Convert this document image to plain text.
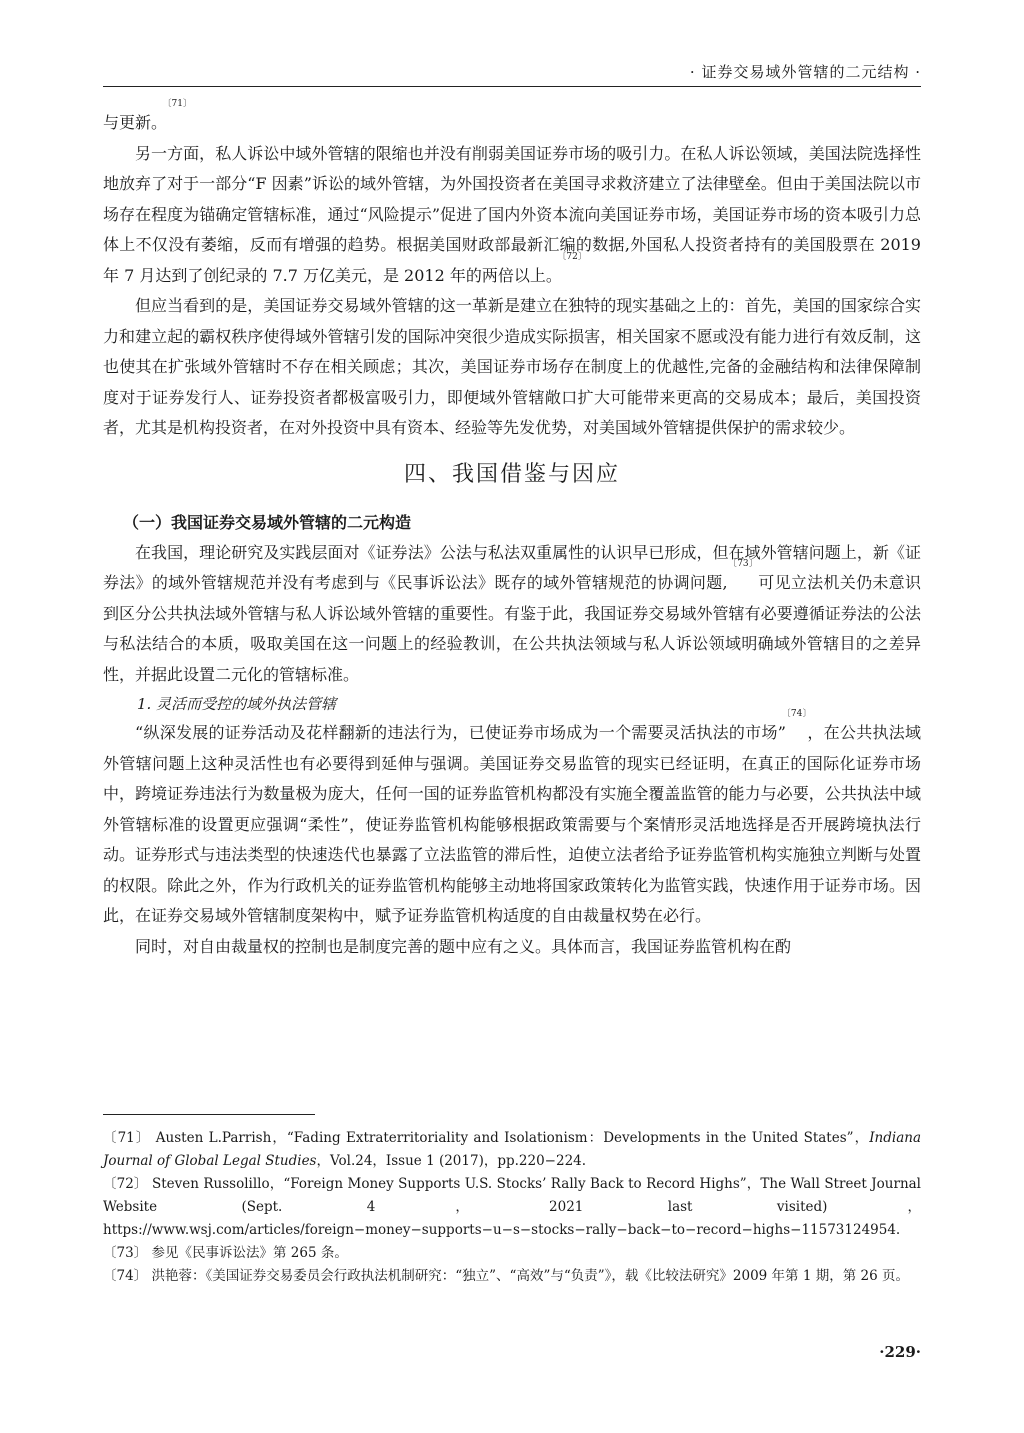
· 证券交易域外管辖的二元结构 ·

与更新。$^{〔71〕}$

另一方面，私人诉讼中域外管辖的限缩也并没有削弱美国证券市场的吸引力。在私人诉讼领域，美国法院选择性地放弃了对于一部分“F 因素”诉讼的域外管辖，为外国投资者在美国寻求救济建立了法律壁垒。但由于美国法院以市场存在程度为锚确定管辖标准，通过“风险提示”促进了国内外资本流向美国证券市场，美国证券市场的资本吸引力总体上不仅没有萎缩，反而有增强的趋势。根据美国财政部最新汇编的数据,外国私人投资者持有的美国股票在 2019 年 7 月达到了创纪录的 7.7 万亿美元，是 2012 年的两倍以上。$^{〔72〕}$

但应当看到的是，美国证券交易域外管辖的这一革新是建立在独特的现实基础之上的：首先，美国的国家综合实力和建立起的霸权秩序使得域外管辖引发的国际冲突很少造成实际损害，相关国家不愿或没有能力进行有效反制，这也使其在扩张域外管辖时不存在相关顾虑；其次，美国证券市场存在制度上的优越性,完备的金融结构和法律保障制度对于证券发行人、证券投资者都极富吸引力，即便域外管辖敞口扩大可能带来更高的交易成本；最后，美国投资者，尤其是机构投资者，在对外投资中具有资本、经验等先发优势，对美国域外管辖提供保护的需求较少。

四、我国借鉴与因应

（一）我国证券交易域外管辖的二元构造

在我国，理论研究及实践层面对《证券法》公法与私法双重属性的认识早已形成，但在域外管辖问题上，新《证券法》的域外管辖规范并没有考虑到与《民事诉讼法》既存的域外管辖规范的协调问题,$^{〔73〕}$可见立法机关仍未意识到区分公共执法域外管辖与私人诉讼域外管辖的重要性。有鉴于此，我国证券交易域外管辖有必要遵循证券法的公法与私法结合的本质，吸取美国在这一问题上的经验教训，在公共执法领域与私人诉讼领域明确域外管辖目的之差异性，并据此设置二元化的管辖标准。

1. 灵活而受控的域外执法管辖

“纵深发展的证券活动及花样翻新的违法行为，已使证券市场成为一个需要灵活执法的市场”$^{〔74〕}$，在公共执法域外管辖问题上这种灵活性也有必要得到延伸与强调。美国证券交易监管的现实已经证明，在真正的国际化证券市场中，跨境证券违法行为数量极为庞大，任何一国的证券监管机构都没有实施全覆盖监管的能力与必要，公共执法中域外管辖标准的设置更应强调“柔性”，使证券监管机构能够根据政策需要与个案情形灵活地选择是否开展跨境执法行动。证券形式与违法类型的快速迭代也暴露了立法监管的滞后性，迫使立法者给予证券监管机构实施独立判断与处置的权限。除此之外，作为行政机关的证券监管机构能够主动地将国家政策转化为监管实践，快速作用于证券市场。因此，在证券交易域外管辖制度架构中，赋予证券监管机构适度的自由裁量权势在必行。

同时，对自由裁量权的控制也是制度完善的题中应有之义。具体而言，我国证券监管机构在酌

〔71〕 Austen L.Parrish，“Fading Extraterritoriality and Isolationism：Developments in the United States”，Indiana Journal of Global Legal Studies，Vol.24，Issue 1 (2017)，pp.220−224.

〔72〕 Steven Russolillo，“Foreign Money Supports U.S. Stocks’ Rally Back to Record Highs”，The Wall Street Journal Website (Sept. 4，2021 last visited)，https://www.wsj.com/articles/foreign−money−supports−u−s−stocks−rally−back−to−record−highs−11573124954.

〔73〕 参见《民事诉讼法》第 265 条。

〔74〕 洪艳蓉：《美国证券交易委员会行政执法机制研究：“独立”、“高效”与“负责”》，载《比较法研究》2009 年第 1 期，第 26 页。

·229·
